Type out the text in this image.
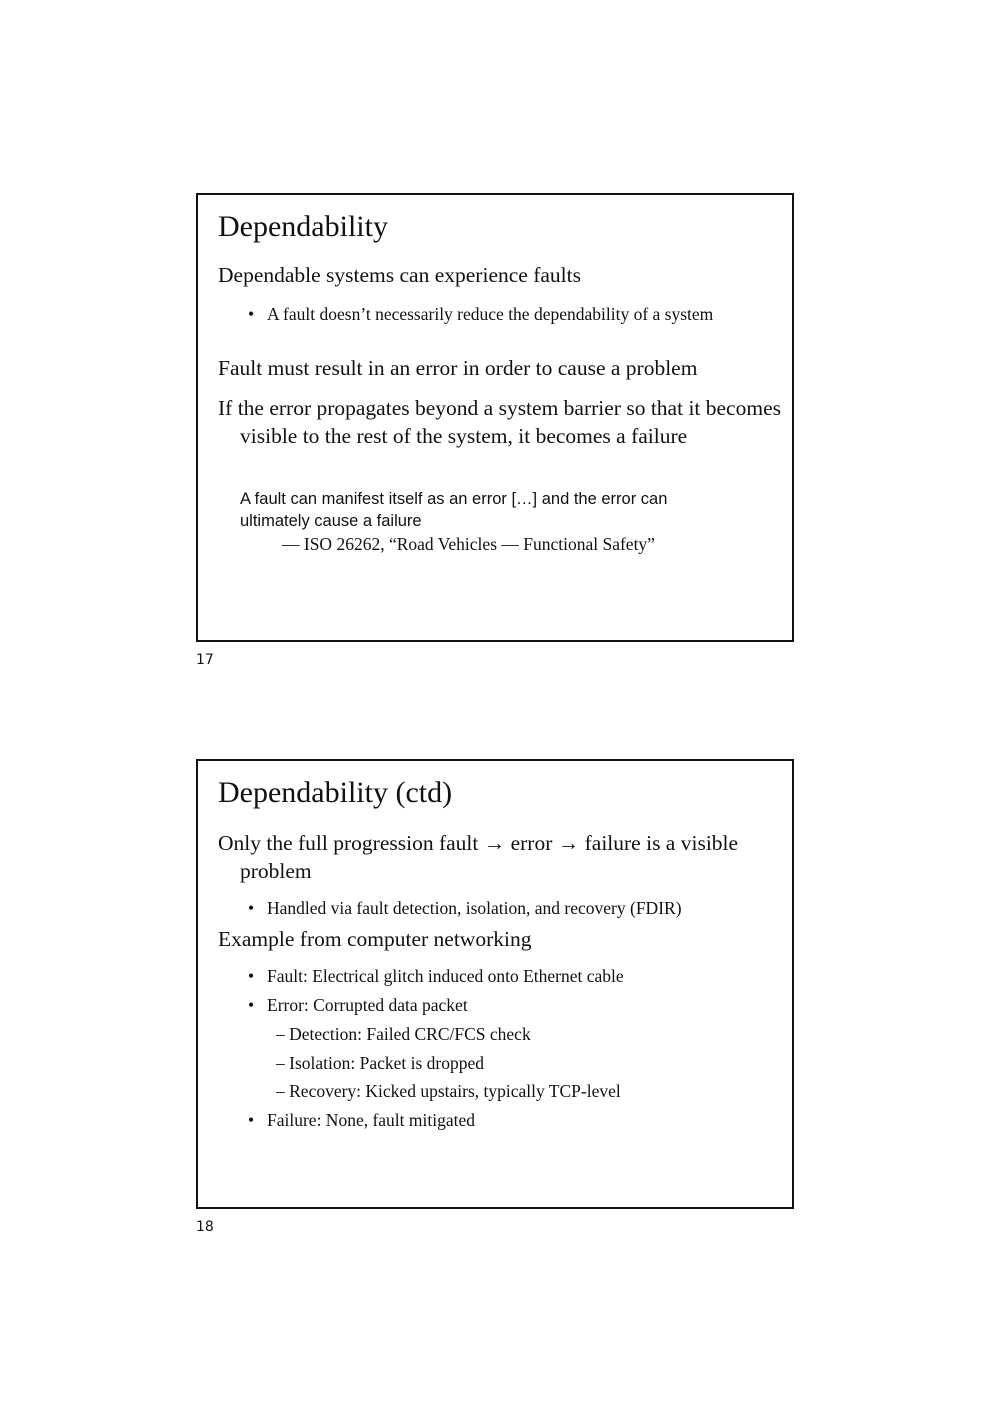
Dependability
Dependable systems can experience faults
• A fault doesn’t necessarily reduce the dependability of a system
Fault must result in an error in order to cause a problem
If the error propagates beyond a system barrier so that it becomes visible to the rest of the system, it becomes a failure
A fault can manifest itself as an error […] and the error can ultimately cause a failure
— ISO 26262, “Road Vehicles — Functional Safety”
17
Dependability (ctd)
Only the full progression fault → error → failure is a visible problem
• Handled via fault detection, isolation, and recovery (FDIR)
Example from computer networking
• Fault: Electrical glitch induced onto Ethernet cable
• Error: Corrupted data packet
– Detection: Failed CRC/FCS check
– Isolation: Packet is dropped
– Recovery: Kicked upstairs, typically TCP-level
• Failure: None, fault mitigated
18
